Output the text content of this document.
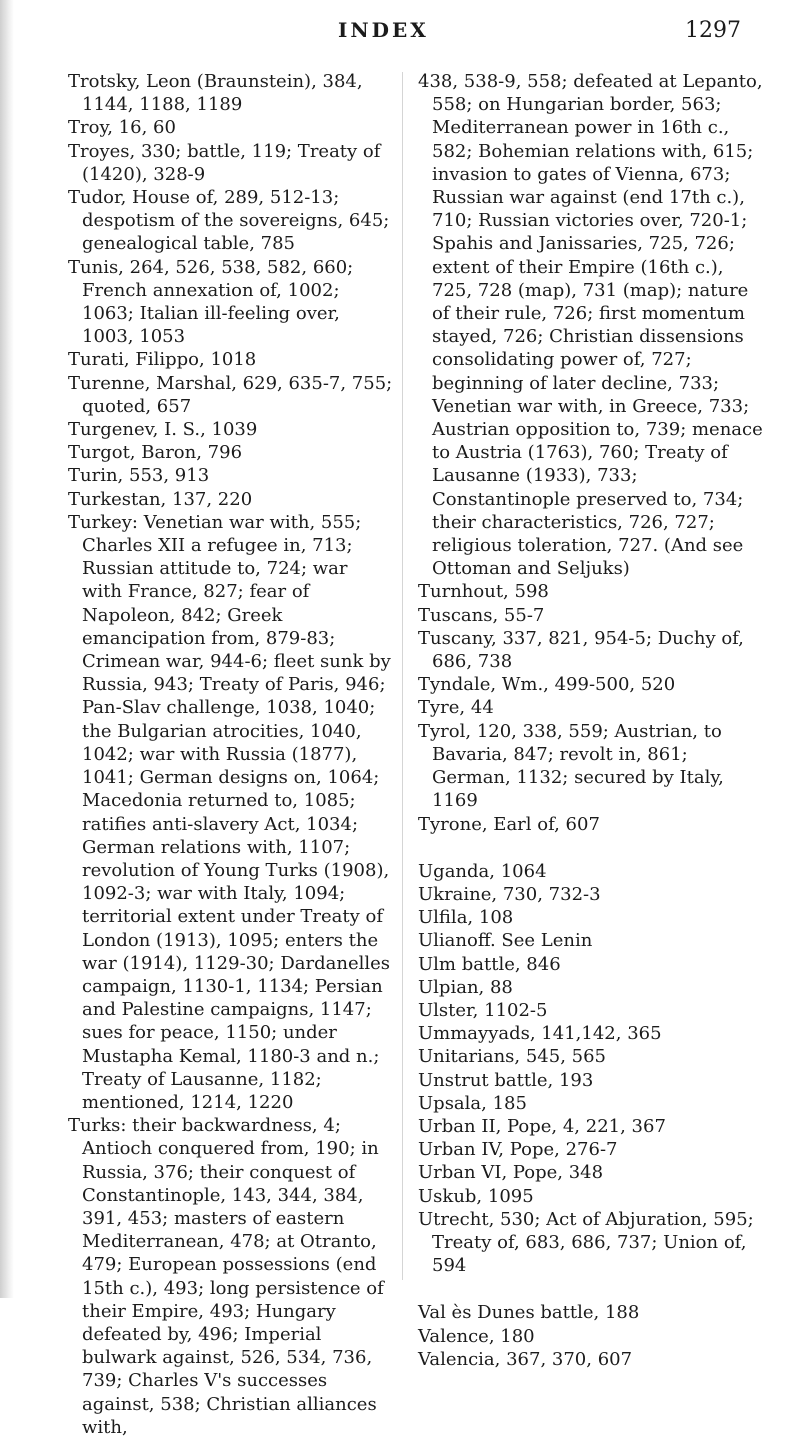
INDEX	1297

Trotsky, Leon (Braunstein), 384, 1144, 1188, 1189

Troy, 16, 60

Troyes, 330; battle, 119; Treaty of (1420), 328-9

Tudor, House of, 289, 512-13; despotism of the sovereigns, 645; genealogical table, 785

Tunis, 264, 526, 538, 582, 660; French annexation of, 1002; 1063; Italian ill-feeling over, 1003, 1053

Turati, Filippo, 1018

Turenne, Marshal, 629, 635-7, 755; quoted, 657

Turgenev, I. S., 1039

Turgot, Baron, 796

Turin, 553, 913

Turkestan, 137, 220

Turkey: Venetian war with, 555; Charles XII a refugee in, 713; Russian attitude to, 724; war with France, 827; fear of Napoleon, 842; Greek emancipation from, 879-83; Crimean war, 944-6; fleet sunk by Russia, 943; Treaty of Paris, 946; Pan-Slav challenge, 1038, 1040; the Bulgarian atrocities, 1040, 1042; war with Russia (1877), 1041; German designs on, 1064; Macedonia returned to, 1085; ratifies anti-slavery Act, 1034; German relations with, 1107; revolution of Young Turks (1908), 1092-3; war with Italy, 1094; territorial extent under Treaty of London (1913), 1095; enters the war (1914), 1129-30; Dardanelles campaign, 1130-1, 1134; Persian and Palestine campaigns, 1147; sues for peace, 1150; under Mustapha Kemal, 1180-3 and n.; Treaty of Lausanne, 1182; mentioned, 1214, 1220

Turks: their backwardness, 4; Antioch conquered from, 190; in Russia, 376; their conquest of Constantinople, 143, 344, 384, 391, 453; masters of eastern Mediterranean, 478; at Otranto, 479; European possessions (end 15th c.), 493; long persistence of their Empire, 493; Hungary defeated by, 496; Imperial bulwark against, 526, 534, 736, 739; Charles V's successes against, 538; Christian alliances with,

438, 538-9, 558; defeated at Lepanto, 558; on Hungarian border, 563; Mediterranean power in 16th c., 582; Bohemian relations with, 615; invasion to gates of Vienna, 673; Russian war against (end 17th c.), 710; Russian victories over, 720-1; Spahis and Janissaries, 725, 726; extent of their Empire (16th c.), 725, 728 (map), 731 (map); nature of their rule, 726; first momentum stayed, 726; Christian dissensions consolidating power of, 727; beginning of later decline, 733; Venetian war with, in Greece, 733; Austrian opposition to, 739; menace to Austria (1763), 760; Treaty of Lausanne (1933), 733; Constantinople preserved to, 734; their characteristics, 726, 727; religious toleration, 727. (And see Ottoman and Seljuks)

Turnhout, 598

Tuscans, 55-7

Tuscany, 337, 821, 954-5; Duchy of, 686, 738

Tyndale, Wm., 499-500, 520

Tyre, 44

Tyrol, 120, 338, 559; Austrian, to Bavaria, 847; revolt in, 861; German, 1132; secured by Italy, 1169

Tyrone, Earl of, 607

Uganda, 1064

Ukraine, 730, 732-3

Ulfila, 108

Ulianoff. See Lenin

Ulm battle, 846

Ulpian, 88

Ulster, 1102-5

Ummayyads, 141,142, 365

Unitarians, 545, 565

Unstrut battle, 193

Upsala, 185

Urban II, Pope, 4, 221, 367

Urban IV, Pope, 276-7

Urban VI, Pope, 348

Uskub, 1095

Utrecht, 530; Act of Abjuration, 595; Treaty of, 683, 686, 737; Union of, 594

Val ès Dunes battle, 188

Valence, 180

Valencia, 367, 370, 607
